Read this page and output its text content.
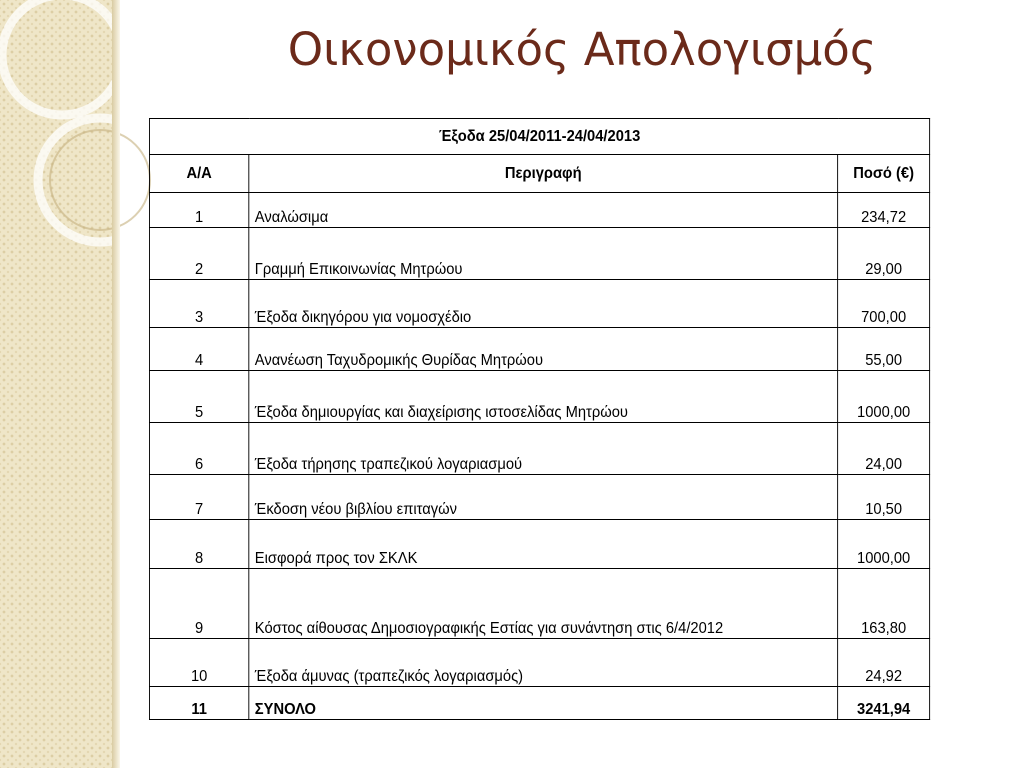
Οικονομικός Απολογισμός
Έξοδα 25/04/2011-24/04/2013		
Α/Α	Περιγραφή	Ποσό (€)
1	Αναλώσιμα	234,72
2	Γραμμή Επικοινωνίας Μητρώου	29,00
3	Έξοδα δικηγόρου για νομοσχέδιο	700,00
4	Ανανέωση Ταχυδρομικής Θυρίδας Μητρώου	55,00
5	Έξοδα δημιουργίας και διαχείρισης ιστοσελίδας Μητρώου	1000,00
6	Έξοδα τήρησης τραπεζικού λογαριασμού	24,00
7	Έκδοση νέου βιβλίου επιταγών	10,50
8	Εισφορά προς τον ΣΚΛΚ	1000,00
9	Κόστος αίθουσας Δημοσιογραφικής Εστίας για συνάντηση στις 6/4/2012	163,80
10	Έξοδα άμυνας (τραπεζικός λογαριασμός)	24,92
11	ΣΥΝΟΛΟ	3241,94
